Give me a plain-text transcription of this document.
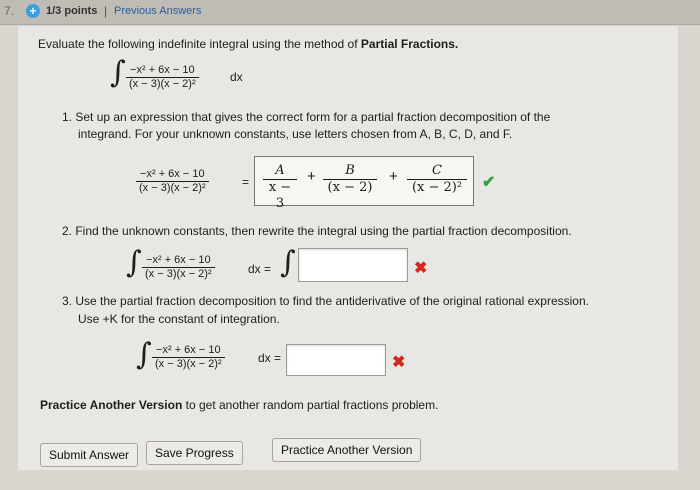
7. + 1/3 points | Previous Answers
Evaluate the following indefinite integral using the method of Partial Fractions.
∫ $\frac{\text{−x² + 6x − 10}}{\text{(x − 3)(x − 2)²}}$	dx
1. Set up an expression that gives the correct form for a partial fraction decomposition of the
integrand. For your unknown constants, use letters chosen from A, B, C, D, and F.
$\frac{\text{−x² + 6x − 10}}{\text{(x − 3)(x − 2)²}}$	= $\frac{A}{x - 3} + \frac{B}{(x - 2)} + \frac{C}{\text{(x − 2)²}}$ ✔
2. Find the unknown constants, then rewrite the integral using the partial fraction decomposition.
∫ $\frac{\text{−x² + 6x − 10}}{\text{(x − 3)(x − 2)²}}$	dx = ∫	✖
3. Use the partial fraction decomposition to find the antiderivative of the original rational expression.
Use +K for the constant of integration.
∫ $\frac{\text{−x² + 6x − 10}}{\text{(x − 3)(x − 2)²}}$	dx =	✖
Practice Another Version to get another random partial fractions problem.
Submit Answer	Save Progress	Practice Another Version
